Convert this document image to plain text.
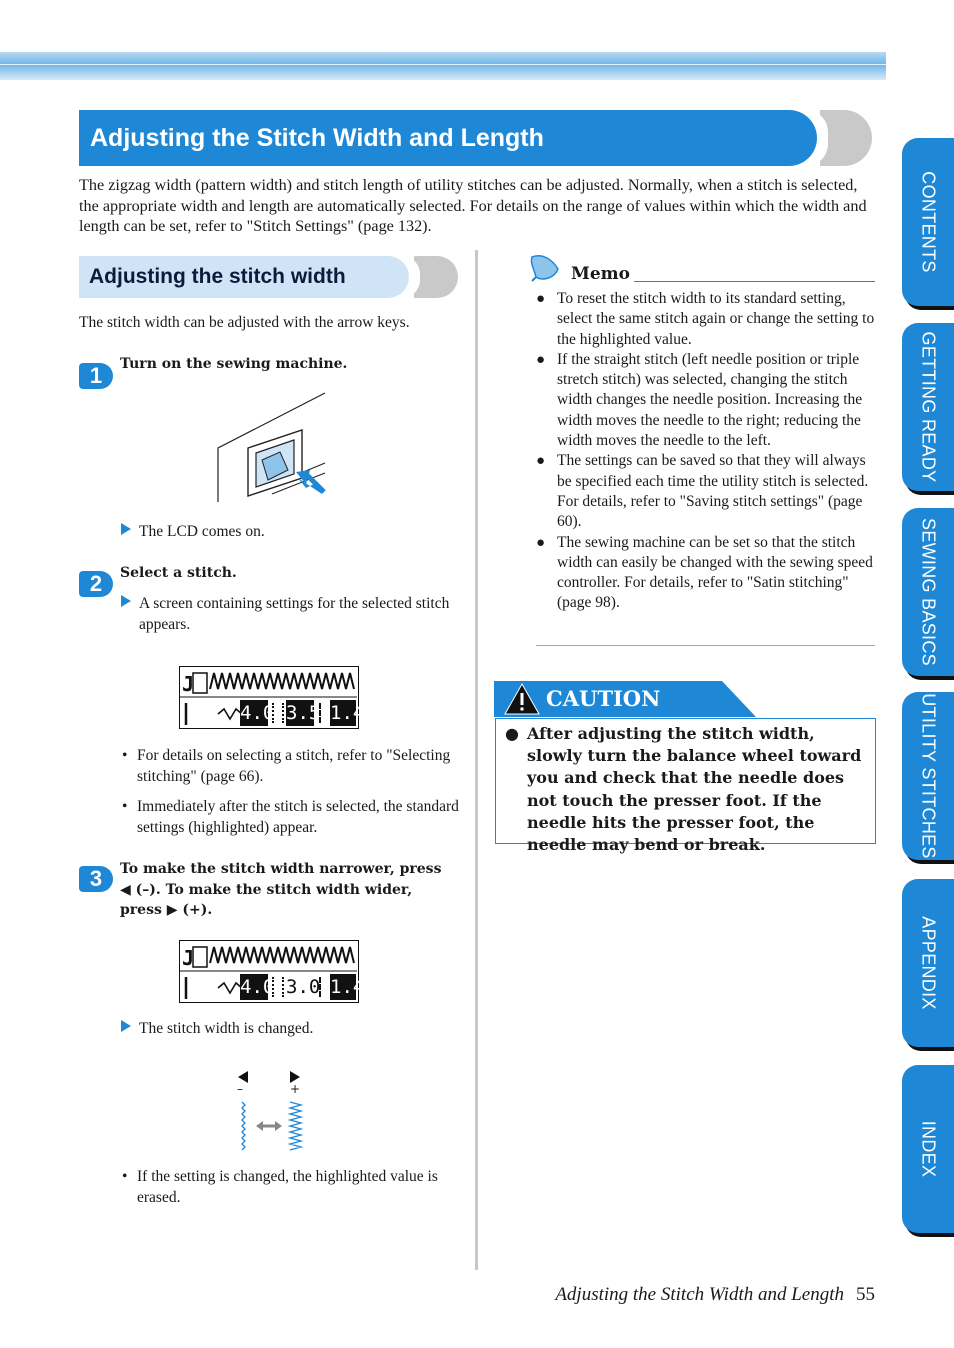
Adjusting the Stitch Width and Length
The zigzag width (pattern width) and stitch length of utility stitches can be adjusted. Normally, when a stitch is selected, the appropriate width and length are automatically selected. For details on the range of values within which the width and length can be set, refer to "Stitch Settings" (page 132).
Adjusting the stitch width
The stitch width can be adjusted with the arrow keys.
1	Turn on the sewing machine.
The LCD comes on.
2	Select a stitch.
A screen containing settings for the selected stitch appears.
J
4.0 3.5 1.4
• For details on selecting a stitch, refer to "Selecting stitching" (page 66).
• Immediately after the stitch is selected, the standard settings (highlighted) appear.
3	To make the stitch width narrower, press ◀ (–). To make the stitch width wider, press ▶ (+).
J
4.0 3.0 1.4
The stitch width is changed.
–	+
• If the setting is changed, the highlighted value is erased.
Memo
● To reset the stitch width to its standard setting, select the same stitch again or change the setting to the highlighted value.
● If the straight stitch (left needle position or triple stretch stitch) was selected, changing the stitch width changes the needle position. Increasing the width moves the needle to the right; reducing the width moves the needle to the left.
● The settings can be saved so that they will always be specified each time the utility stitch is selected. For details, refer to "Saving stitch settings" (page 60).
● The sewing machine can be set so that the stitch width can easily be changed with the sewing speed controller. For details, refer to "Satin stitching" (page 98).
CAUTION
● After adjusting the stitch width, slowly turn the balance wheel toward you and check that the needle does not touch the presser foot. If the needle hits the presser foot, the needle may bend or break.
CONTENTS
GETTING READY
SEWING BASICS
UTILITY STITCHES
APPENDIX
INDEX
Adjusting the Stitch Width and Length 55
